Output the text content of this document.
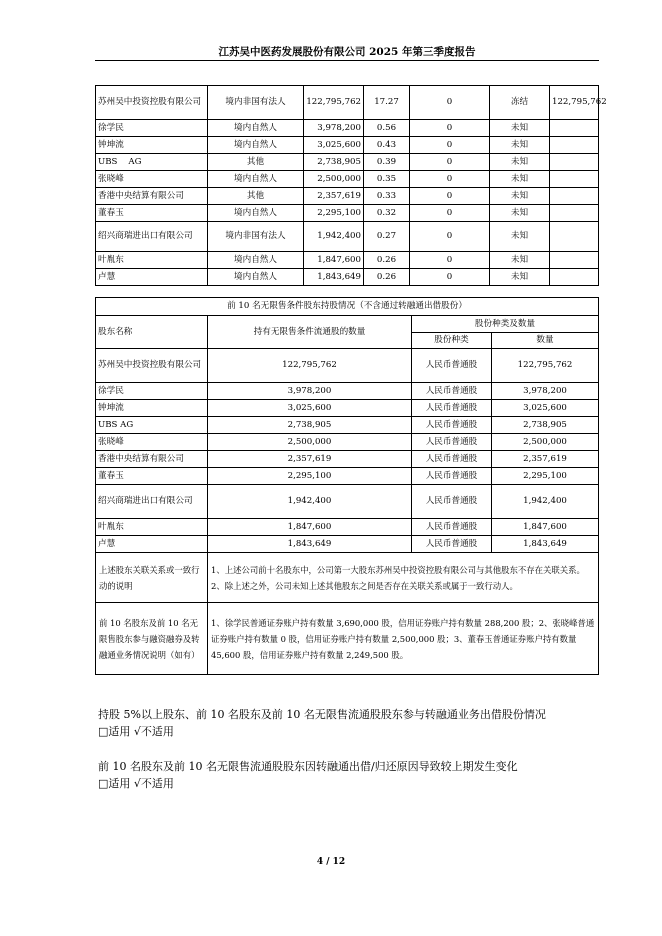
江苏吴中医药发展股份有限公司 2025 年第三季度报告
苏州吴中投资控股有限公司	境内非国有法人	122,795,762	17.27	0	冻结	122,795,762
徐学民	境内自然人	3,978,200	0.56	0	未知	
钟坤流	境内自然人	3,025,600	0.43	0	未知	
UBS    AG	其他	2,738,905	0.39	0	未知	
张晓峰	境内自然人	2,500,000	0.35	0	未知	
香港中央结算有限公司	其他	2,357,619	0.33	0	未知	
董春玉	境内自然人	2,295,100	0.32	0	未知	
绍兴商瑞进出口有限公司	境内非国有法人	1,942,400	0.27	0	未知	
叶胤东	境内自然人	1,847,600	0.26	0	未知	
卢慧	境内自然人	1,843,649	0.26	0	未知	
前 10 名无限售条件股东持股情况（不含通过转融通出借股份）			
股东名称	持有无限售条件流通股的数量	股份种类及数量	
		股份种类	数量
苏州吴中投资控股有限公司	122,795,762	人民币普通股	122,795,762
徐学民	3,978,200	人民币普通股	3,978,200
钟坤流	3,025,600	人民币普通股	3,025,600
UBS AG	2,738,905	人民币普通股	2,738,905
张晓峰	2,500,000	人民币普通股	2,500,000
香港中央结算有限公司	2,357,619	人民币普通股	2,357,619
董春玉	2,295,100	人民币普通股	2,295,100
绍兴商瑞进出口有限公司	1,942,400	人民币普通股	1,942,400
叶胤东	1,847,600	人民币普通股	1,847,600
卢慧	1,843,649	人民币普通股	1,843,649
上述股东关联关系或一致行动的说明	1、上述公司前十名股东中，公司第一大股东苏州吴中投资控股有限公司与其他股东不存在关联关系。
2、除上述之外，公司未知上述其他股东之间是否存在关联关系或属于一致行动人。		

前 10 名股东及前 10 名无限售股东参与融资融券及转融通业务情况说明（如有）	1、徐学民普通证券账户持有数量 3,690,000 股，信用证券账户持有数量 288,200 股；2、张晓峰普通证券账户持有数量 0 股，信用证券账户持有数量 2,500,000 股；3、董春玉普通证券账户持有数量 45,600 股，信用证券账户持有数量 2,249,500 股。		
持股 5%以上股东、前 10 名股东及前 10 名无限售流通股股东参与转融通业务出借股份情况
□适用 √不适用
前 10 名股东及前 10 名无限售流通股股东因转融通出借/归还原因导致较上期发生变化
□适用 √不适用
4 / 12
